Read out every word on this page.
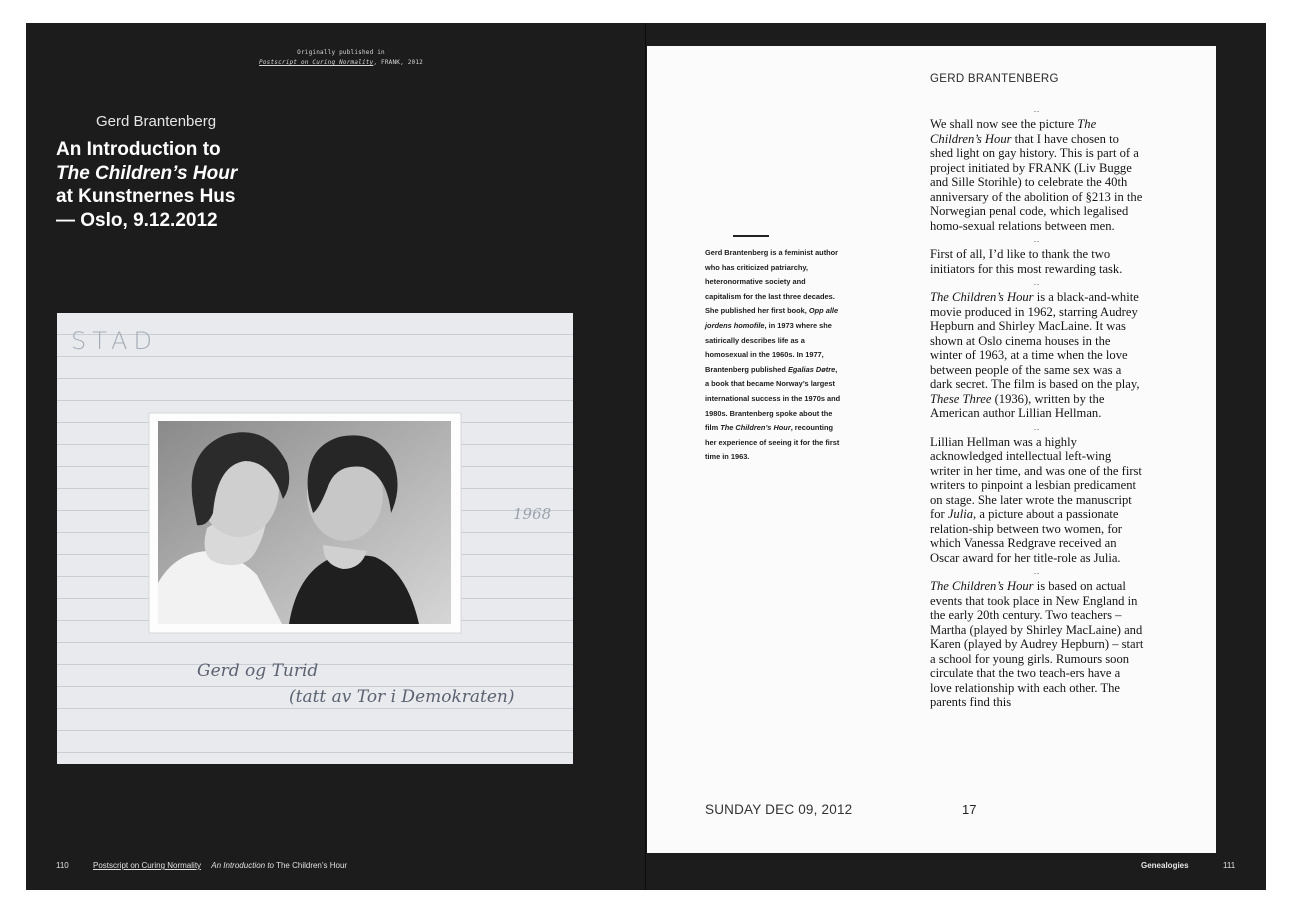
Originally published in
Postscript on Curing Normality, FRANK, 2012
Gerd Brantenberg
An Introduction to
The Children’s Hour
at Kunstnernes Hus
— Oslo, 9.12.2012
STAD
1968
Gerd og Turid
(tatt av Tor i Demokraten)
110	Postscript on Curing Normality An Introduction to The Children’s Hour
GERD BRANTENBERG
Gerd Brantenberg is a feminist author who has criticized patriarchy, heteronormative society and capitalism for the last three decades. She published her first book, Opp alle jordens homofile, in 1973 where she satirically describes life as a homosexual in the 1960s. In 1977, Brantenberg published Egalias Døtre, a book that became Norway’s largest international success in the 1970s and 1980s. Brantenberg spoke about the film The Children’s Hour, recounting her experience of seeing it for the first time in 1963.
..

We shall now see the picture The Children’s Hour that I have chosen to shed light on gay history. This is part of a project initiated by FRANK (Liv Bugge and Sille Storihle) to celebrate the 40th anniversary of the abolition of §213 in the Norwegian penal code, which legalised homo-sexual relations between men.

..

First of all, I’d like to thank the two initiators for this most rewarding task.

..

The Children’s Hour is a black-and-white movie produced in 1962, starring Audrey Hepburn and Shirley MacLaine. It was shown at Oslo cinema houses in the winter of 1963, at a time when the love between people of the same sex was a dark secret. The film is based on the play, These Three (1936), written by the American author Lillian Hellman.

..

Lillian Hellman was a highly acknowledged intellectual left-wing writer in her time, and was one of the first writers to pinpoint a lesbian predicament on stage. She later wrote the manuscript for Julia, a picture about a passionate relation-ship between two women, for which Vanessa Redgrave received an Oscar award for her title-role as Julia.

..

The Children’s Hour is based on actual events that took place in New England in the early 20th century. Two teachers – Martha (played by Shirley MacLaine) and Karen (played by Audrey Hepburn) – start a school for young girls. Rumours soon circulate that the two teach-ers have a love relationship with each other. The parents find this

SUNDAY DEC 09, 2012	17
Genealogies	111
